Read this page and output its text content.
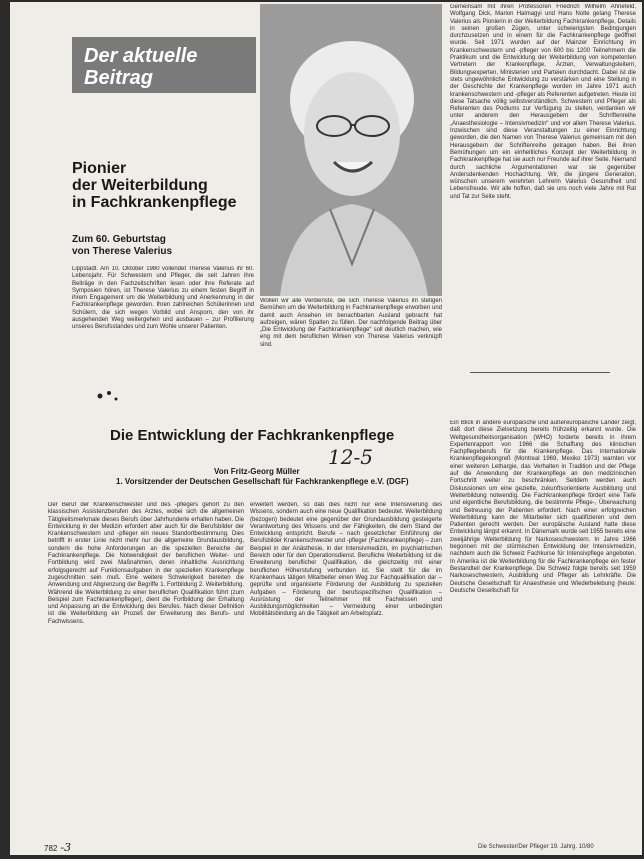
Der aktuelle
Beitrag
Pionier
der Weiterbildung
in Fachkrankenpflege
Zum 60. Geburtstag
von Therese Valerius

Lippstadt. Am 10. Oktober 1980 vollendet Therese Valerius ihr 60. Lebensjahr. Für Schwestern und Pfleger, die seit Jahren ihre Beiträge in den Fachzeitschriften lesen oder ihre Referate auf Symposien hören, ist Therese Valerius zu einem festen Begriff in ihrem Engagement um die Weiterbildung und Anerkennung in der Fachkrankenpflege geworden. Ihren zahlreichen Schülerinnen und Schülern, die sich wegen Vorbild und Ansporn, den von ihr ausgehenden Weg weitergehen und ausbauen – zur Profilierung unseres Berufsstandes und zum Wohle unserer Patienten.

Wollen wir alle Verdienste, die sich Therese Valerius im stetigen Bemühen um die Weiterbildung in Fachkrankenpflege erworben und damit auch Ansehen im benachbarten Ausland gebracht hat aufzeigen, wären Spalten zu füllen. Der nachfolgende Beitrag über „Die Entwicklung der Fachkrankenpflege“ soll deutlich machen, wie eng mit dem beruflichen Wirken von Therese Valerius verknüpft sind.

Gemeinsam mit ihren Professoren Friedrich Wilhelm Ahnefeld, Wolfgang Dick, Marion Halmagyi und Hans Nolte gelang Therese Valerius als Pionierin in der Weiterbildung Fachkrankenpflege, Details in seinen großen Zügen, unter schwierigsten Bedingungen durchzusetzen und in einem für die Fachkrankenpflege geöffnet wurde. Seit 1971 wurden auf der Mainzer Einrichtung im Krankenschwestern und -pfleger von 600 bis 1200 Teilnehmern die Praktikum und die Entwicklung der Weiterbildung von kompetenten Vertretern der Krankenpflege, Ärzten, Verwaltungsleitern, Bildungsexperten, Ministerien und Parteien durchdacht. Dabei ist die stets ungewöhnliche Entwicklung zu verstärken und eine Stellung in der Geschichte der Krankenpflege worden im Jahre 1971 auch krankenschwestern und -pfleger als Referenten aufgetreten. Heute ist diese Tatsache völlig selbstverständlich. Schwestern und Pfleger als Referenten des Podiums zur Verfügung zu stellen, verdanken wir unter anderem den Herausgebern der Schriftenreihe „Anaesthesiologie – Intensivmedizin“ und vor allem Therese Valerius. Inzwischen sind diese Veranstaltungen zu einer Einrichtung geworden, die den Namen von Therese Valerius gemeinsam mit den Herausgebern der Schriftenreihe getragen haben. Bei ihren Bemühungen um ein einheitliches Konzept der Weiterbildung in Fachkrankenpflege hat sie auch nur Freunde auf ihrer Seite. Niemand durch sachliche Argumentationen war sie gegenüber Andersdenkenden Hochachtung. Wir, die jüngere Generation, wünschen unserem verehrten Lehrerin Valerius Gesundheit und Lebensfreude. Wir alle hoffen, daß sie uns noch viele Jahre mit Rat und Tat zur Seite steht.

Die Entwicklung der Fachkrankenpflege
12-5
Von Fritz-Georg Müller
1. Vorsitzender der Deutschen Gesellschaft für Fachkrankenpflege e.V. (DGF)

Der Beruf der Krankenschwester und des -pflegers gehört zu den klassischen Assistenzberufen des Arztes, wobei sich die allgemeinen Tätigkeitsmerkmale dieses Berufs über Jahrhunderte erhalten haben. Die Entwicklung in der Medizin erfordert aber auch für die Berufsbilder der Krankenschwestern und -pfleger ein neues Standortbestimmung. Dies betrifft in erster Linie nicht mehr nur die allgemeine Grundausbildung, sondern die hohe Anforderungen an die speziellen Bereiche der Fachkrankenpflege. Die Notwendigkeit der beruflichen Weiter- und Fortbildung wird zwei Maßnahmen, deren inhaltliche Ausrichtung erfolgsgerecht auf Funktionsaufgaben in der speziellen Krankenpflege zugeschnitten sein muß. Eine weitere Schwierigkeit bereiten die Anwendung und Abgrenzung der Begriffe 1. Fortbildung 2. Weiterbildung. Während die Weiterbildung zu einer beruflichen Qualifikation führt (zum Beispiel zum Fachkrankenpfleger), dient die Fortbildung der Erhaltung und Anpassung an die Entwicklung des Berufes. Nach dieser Definition ist die Weiterbildung ein Prozeß der Erweiterung des Berufs- und Fachwissens.

erweitert werden, so daß dies nicht nur eine Intensivierung des Wissens, sondern auch eine neue Qualifikation bedeutet. Weiterbildung (bezogen) bedeutet eine gegenüber der Grundausbildung gesteigerte Verantwortung des Wissens und der Fähigkeiten, die dem Stand der Entwicklung entspricht. Berufe – nach gesetzlicher Einführung der Berufsbilder Krankenschwester und -pfleger (Fachkrankenpflege) – zum Beispiel in der Anästhesie, in der Intensivmedizin, im psychiatrischen Bereich oder für den Operationsdienst. Berufliche Weiterbildung ist die Erweiterung beruflicher Qualifikation, die gleichzeitig mit einer beruflichen Höherstufung verbunden ist. Sie stellt für die im Krankenhaus tätigen Mitarbeiter einen Weg zur Fachqualifikation dar – geprüfte und organisierte Förderung der Ausbildung zu speziellen Aufgaben – Förderung der berufsspezifischen Qualifikation – Ausrüstung der Teilnehmer mit Fachwissen und Ausbildungsmöglichkeiten – Vermeidung einer unbedingten Mobilitätsbindung an die Tätigkeit am Arbeitsplatz.

Ein Blick in andere europäische und außereuropäische Länder zeigt, daß dort diese Zielsetzung bereits frühzeitig erkannt wurde. Die Weltgesundheitsorganisation (WHO) forderte bereits in ihrem Expertenrapport von 1966 die Schaffung des klinischen Fachpflegeberufs für die Krankenpflege. Das internationale Krankenpflegekongreß (Montreal 1969, Mexiko 1973) warnten vor einer weiteren Lethargie, das Verhalten in Tradition und der Pflege auf die Anwendung der Krankenpflege an den medizinischen Fortschritt weiter zu beschränken. Seitdem werden auch Diskussionen um eine gezielte, zukunftsorientierte Ausbildung und Weiterbildung notwendig. Die Fachkrankenpflege fördert eine Tiefe und eigentliche Berufsbildung, die bestimmte Pflege-, Überwachung und Betreuung der Patienten erfordert. Nach einer erfolgreichen Weiterbildung kann der Mitarbeiter sich qualifizieren und dem Patienten gerecht werden. Der europäische Ausland hatte diese Entwicklung längst erkannt. In Dänemark wurde seit 1955 bereits eine zweijährige Weiterbildung für Narkoseschwestern. In Jahre 1966 begonnen mit der stürmischen Entwicklung der Intensivmedizin, nachdem auch die Schweiz Fachkurse für Intensivpflege angeboten. In Amerika ist die Weiterbildung für die Fachkrankenpflege ein fester Bestandteil der Krankenpflege. Die Schweiz folgte bereits seit 1959 Narkoseschwestern, Ausbildung und Pfleger als Lehrkräfte. Die Deutsche Gesellschaft für Anaesthesie und Wiederbelebung (heute: Deutsche Gesellschaft für

782 -3	Die Schwester/Der Pfleger 19. Jahrg. 10/80
